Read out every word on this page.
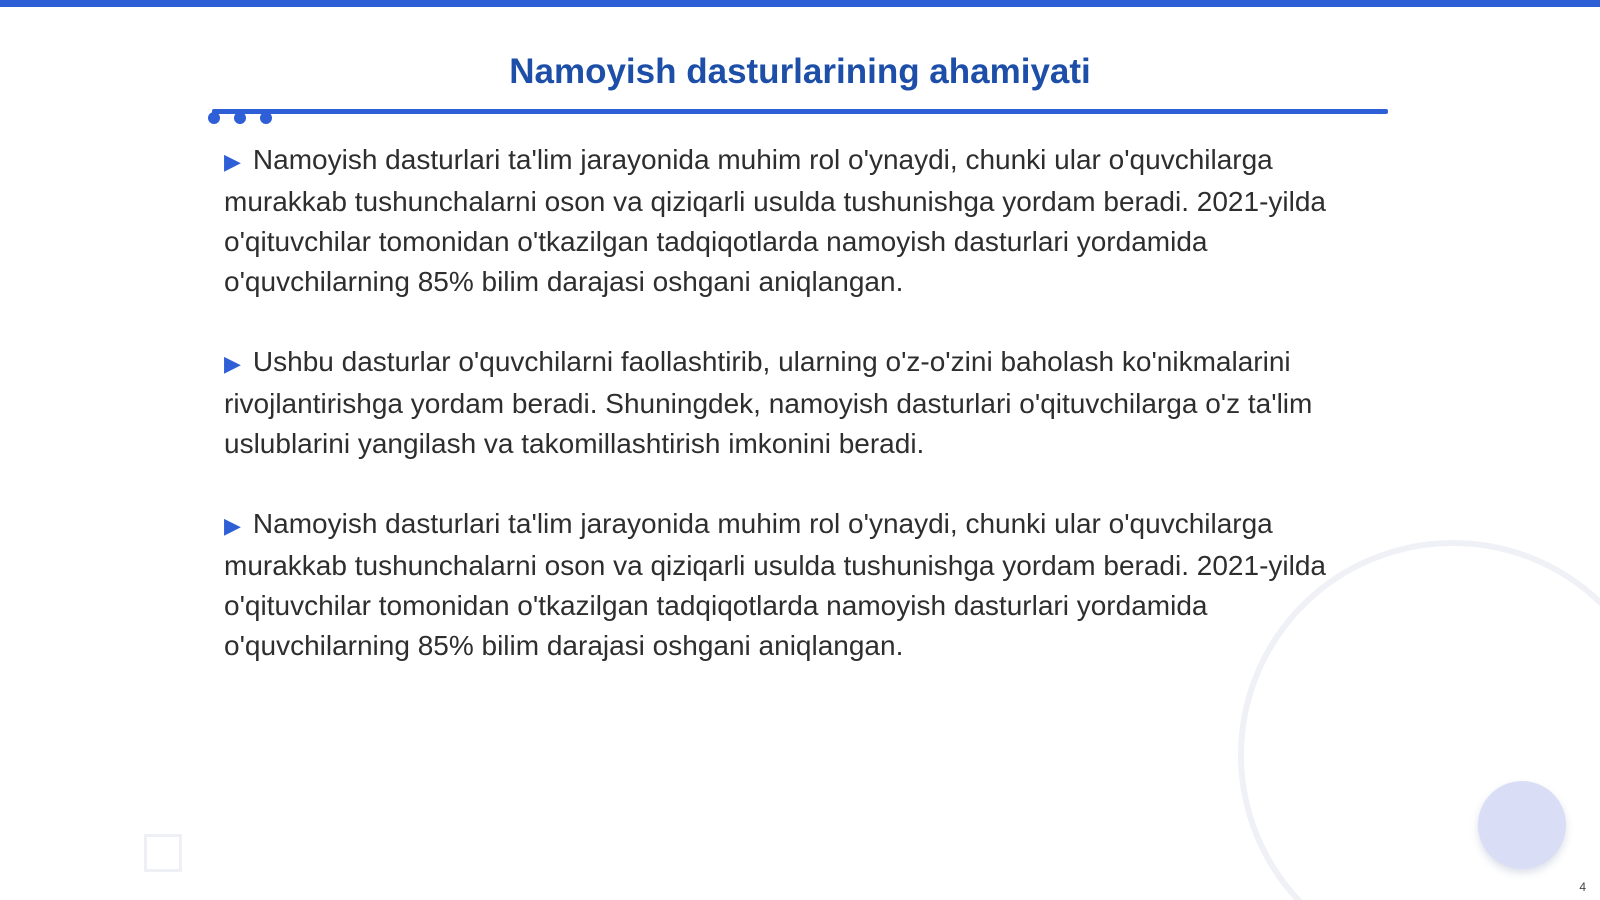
Namoyish dasturlarining ahamiyati

▶ Namoyish dasturlari ta'lim jarayonida muhim rol o'ynaydi, chunki ular o'quvchilarga murakkab tushunchalarni oson va qiziqarli usulda tushunishga yordam beradi. 2021-yilda o'qituvchilar tomonidan o'tkazilgan tadqiqotlarda namoyish dasturlari yordamida o'quvchilarning 85% bilim darajasi oshgani aniqlangan.

▶ Ushbu dasturlar o'quvchilarni faollashtirib, ularning o'z-o'zini baholash ko'nikmalarini rivojlantirishga yordam beradi. Shuningdek, namoyish dasturlari o'qituvchilarga o'z ta'lim uslublarini yangilash va takomillashtirish imkonini beradi.

▶ Namoyish dasturlari ta'lim jarayonida muhim rol o'ynaydi, chunki ular o'quvchilarga murakkab tushunchalarni oson va qiziqarli usulda tushunishga yordam beradi. 2021-yilda o'qituvchilar tomonidan o'tkazilgan tadqiqotlarda namoyish dasturlari yordamida o'quvchilarning 85% bilim darajasi oshgani aniqlangan.

4
